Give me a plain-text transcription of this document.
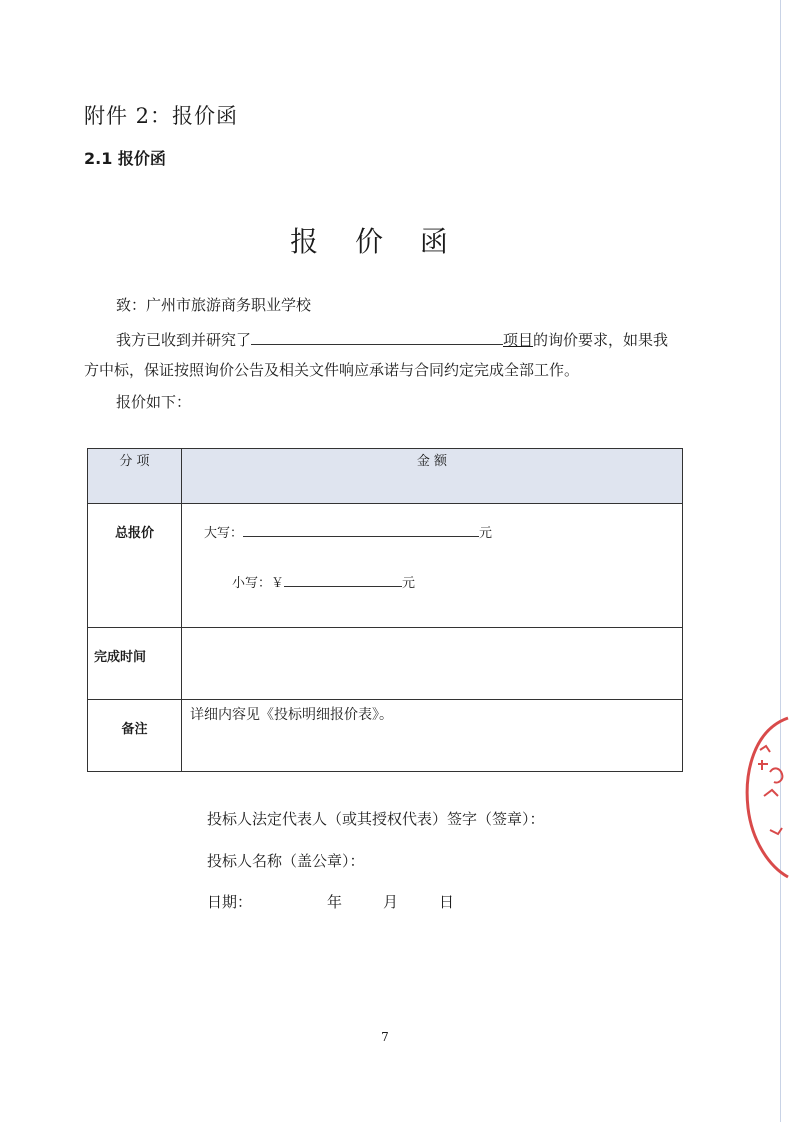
附件 2：报价函
2.1 报价函
报 价 函
致：广州市旅游商务职业学校
我方已收到并研究了	项目的询价要求，如果我
方中标，保证按照询价公告及相关文件响应承诺与合同约定完成全部工作。
报价如下：
分 项	金 额
总报价	大写： 元
小写：￥ 元

完成时间	
备注	详细内容见《投标明细报价表》。
投标人法定代表人（或其授权代表）签字（签章）：
投标人名称（盖公章）：
日期：	年	月	日
7
